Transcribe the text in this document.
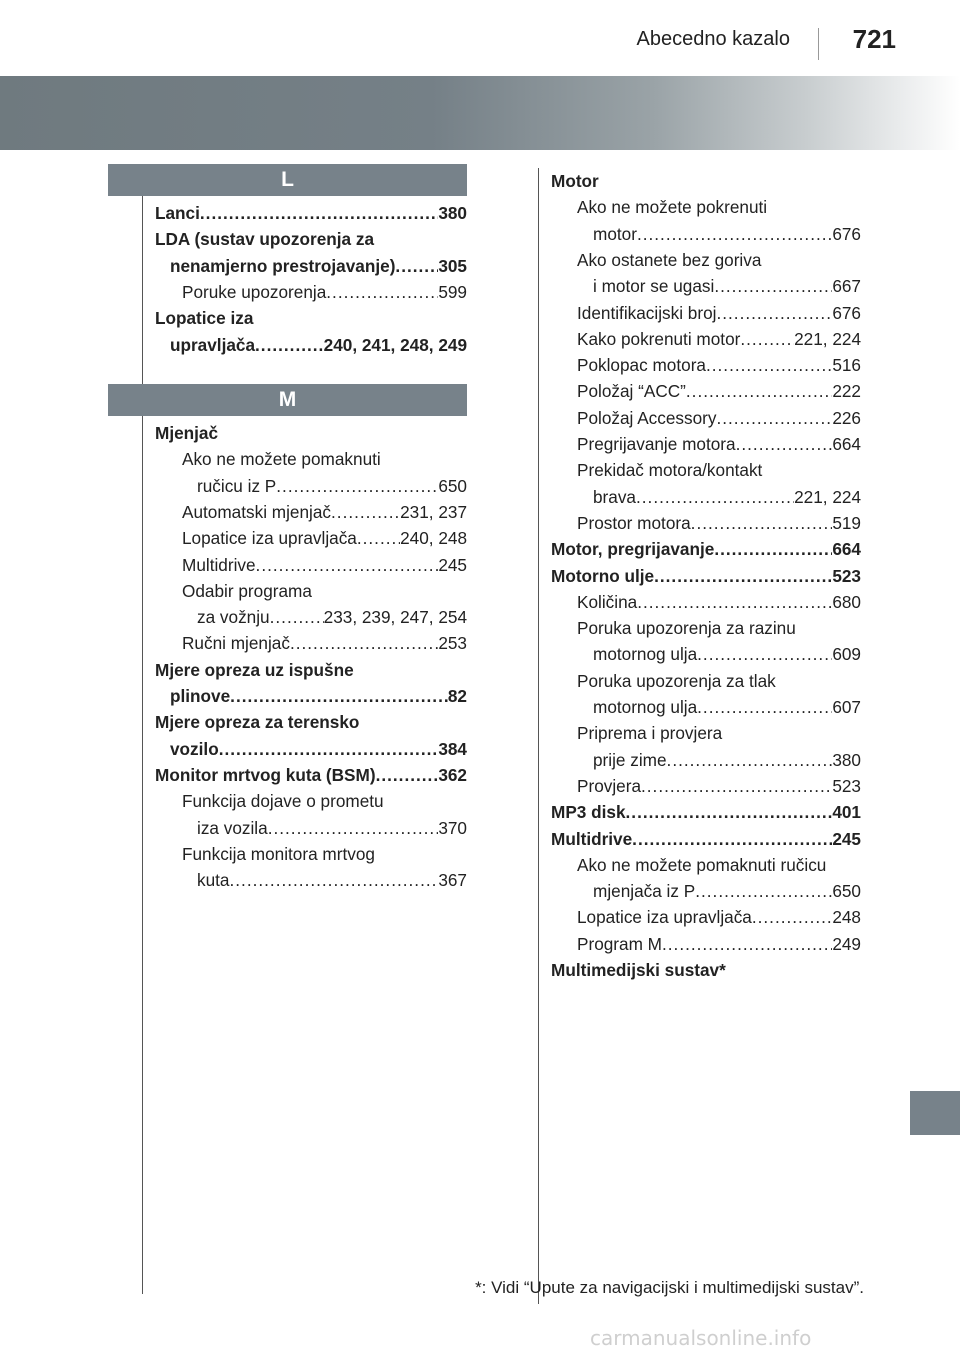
Abecedno kazalo	721
L
M
Lanci .....	380
LDA (sustav upozorenja za
nenamjerno prestrojavanje) ..... 305
Poruke upozorenja .....	599
Lopatice iza
upravljača .....	240, 241, 248, 249
Mjenjač
Ako ne možete pomaknuti
ručicu iz P .....	650
Automatski mjenjač .....	231, 237
Lopatice iza upravljača .....	240, 248
Multidrive .....	245
Odabir programa
za vožnju .....	233, 239, 247, 254
Ručni mjenjač .....	253
Mjere opreza uz ispušne
plinove .....	82
Mjere opreza za terensko
vozilo .....	384
Monitor mrtvog kuta (BSM) .....	362
Funkcija dojave o prometu
iza vozila .....	370
Funkcija monitora mrtvog
kuta .....	367
Motor
Ako ne možete pokrenuti
motor .....	676
Ako ostanete bez goriva
i motor se ugasi .....	667
Identifikacijski broj .....	676
Kako pokrenuti motor .....	221, 224
Poklopac motora .....	516
Položaj “ACC” .....	222
Položaj Accessory .....	226
Pregrijavanje motora .....	664
Prekidač motora/kontakt
brava .....	221, 224
Prostor motora .....	519
Motor, pregrijavanje .....	664
Motorno ulje .....	523
Količina .....	680
Poruka upozorenja za razinu
motornog ulja .....	609
Poruka upozorenja za tlak
motornog ulja .....	607
Priprema i provjera
prije zime .....	380
Provjera .....	523
MP3 disk .....	401
Multidrive .....	245
Ako ne možete pomaknuti ručicu
mjenjača iz P .....	650
Lopatice iza upravljača .....	248
Program M .....	249
Multimedijski sustav*
*: Vidi “Upute za navigacijski i multimedijski sustav”.
carmanualsonline.info
